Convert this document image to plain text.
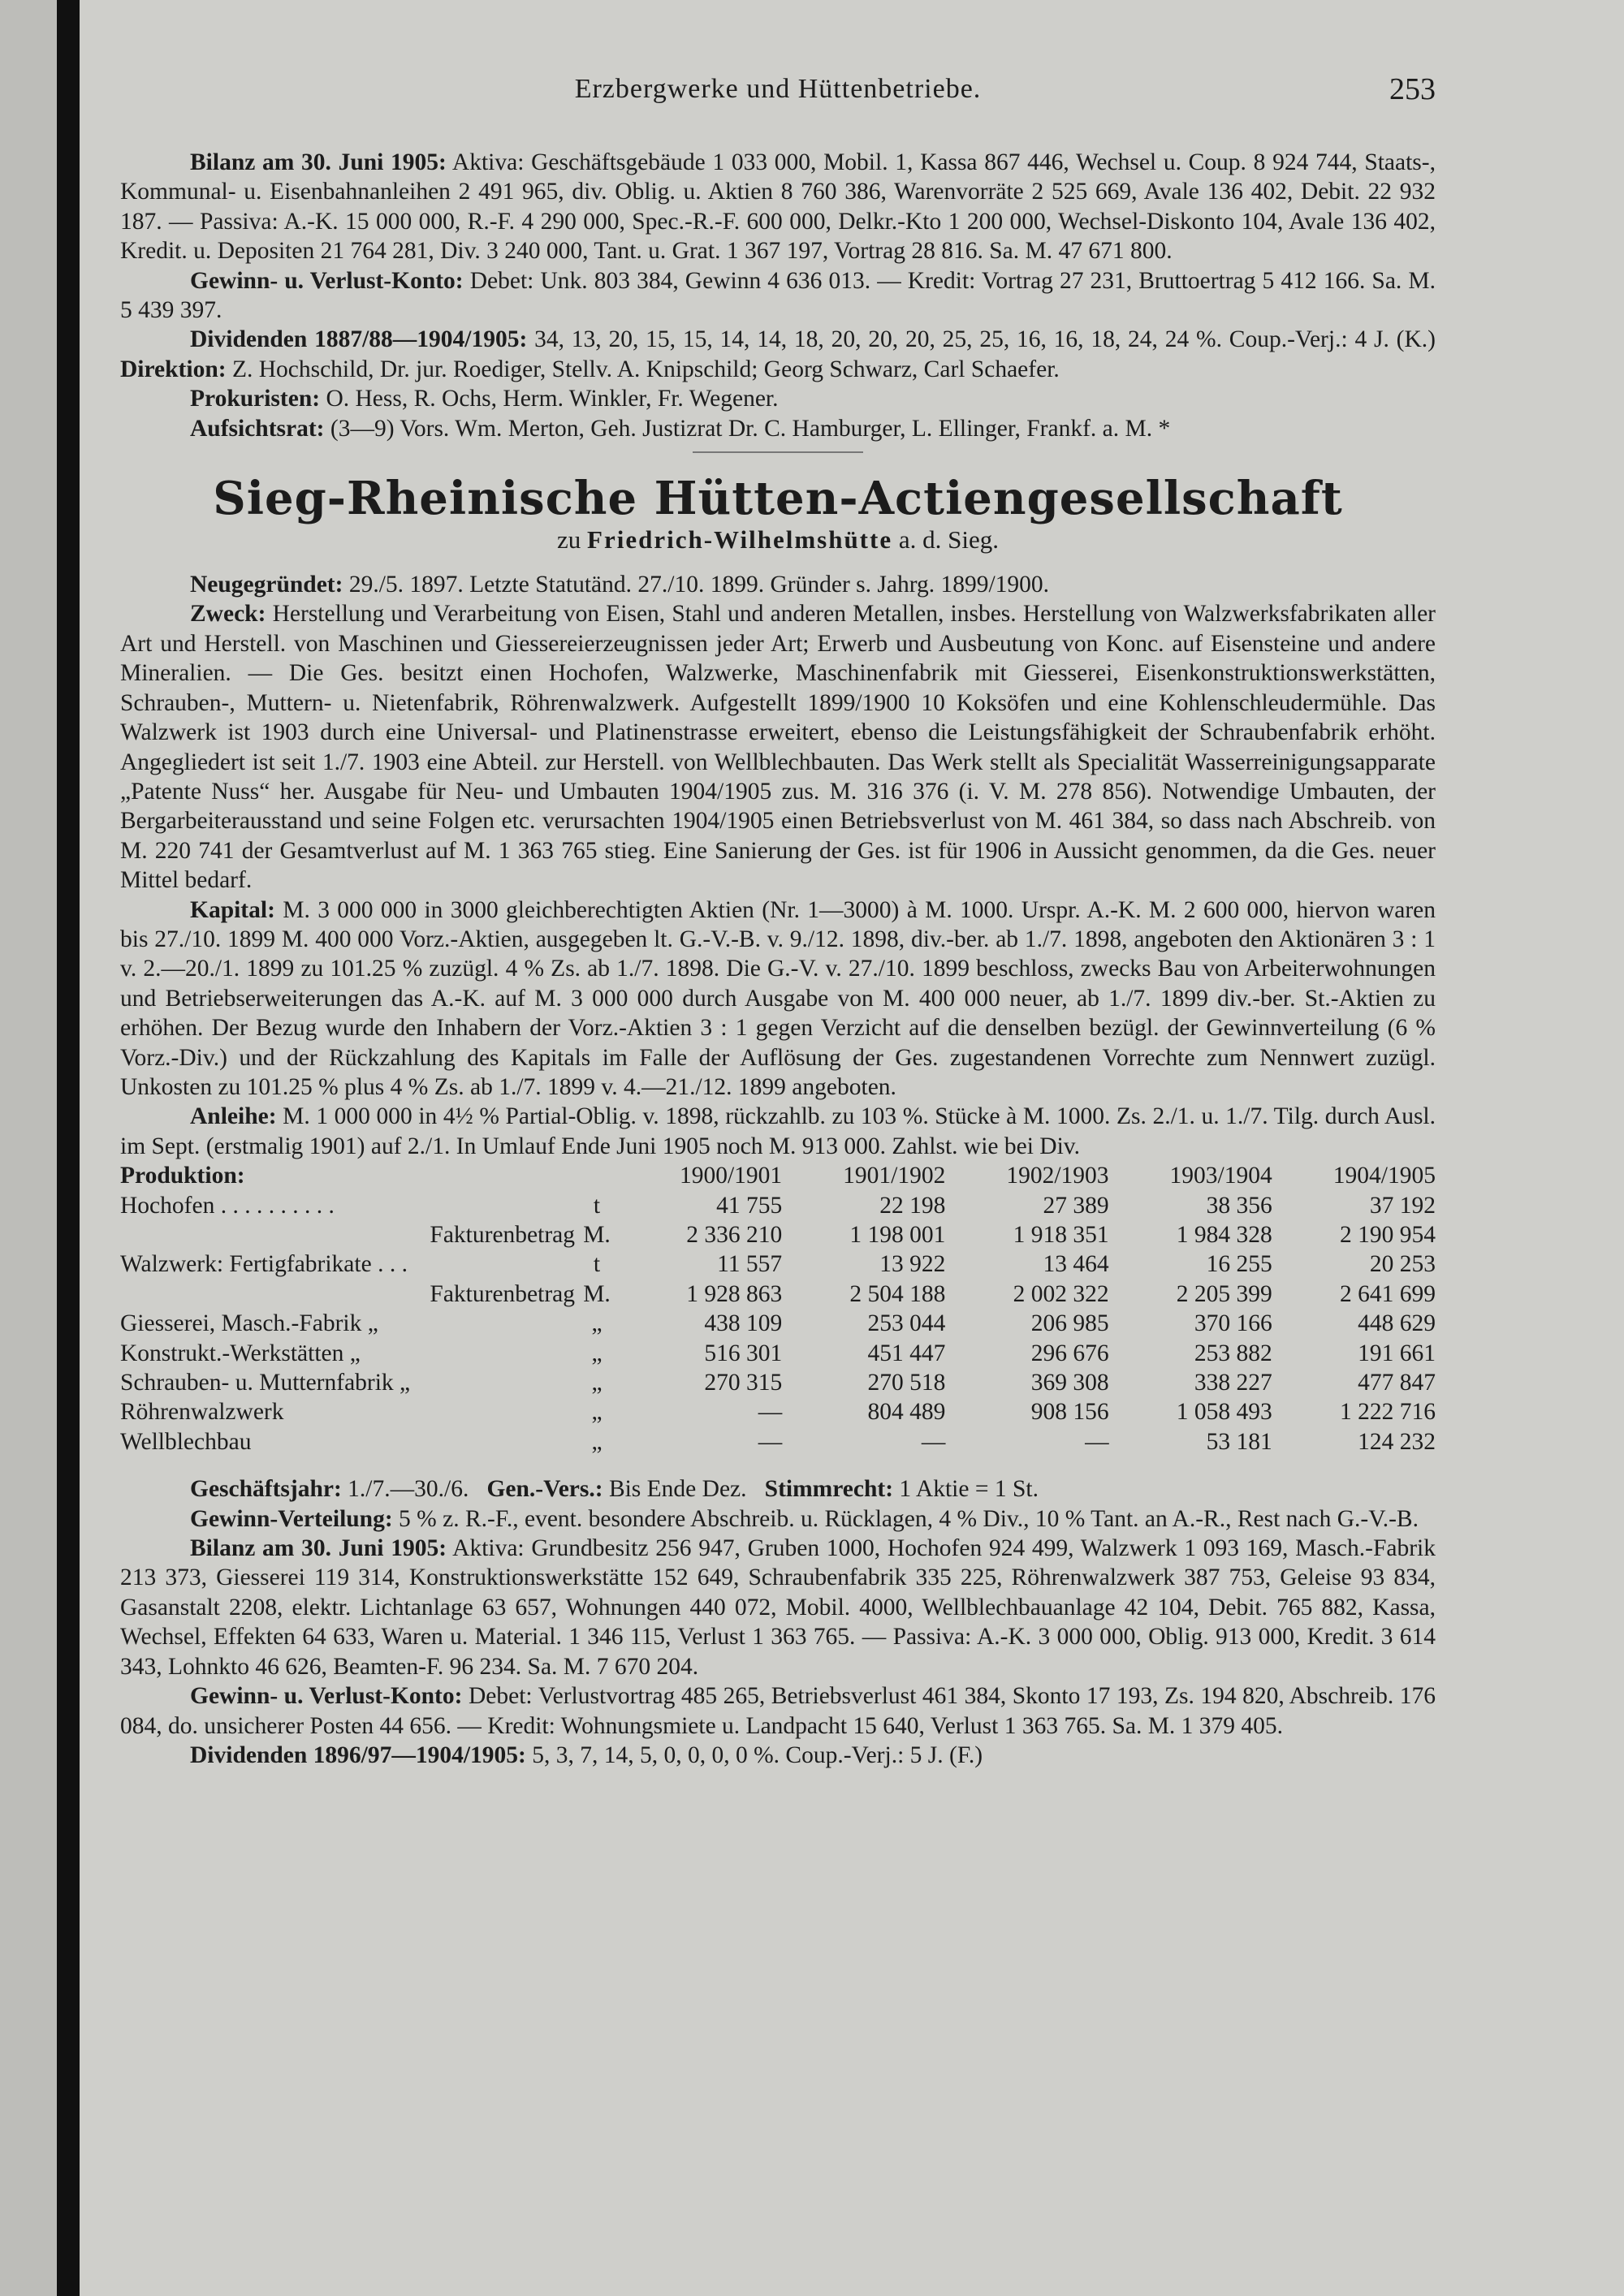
Erzbergwerke und Hüttenbetriebe.	253

Bilanz am 30. Juni 1905: Aktiva: Geschäftsgebäude 1 033 000, Mobil. 1, Kassa 867 446, Wechsel u. Coup. 8 924 744, Staats-, Kommunal- u. Eisenbahnanleihen 2 491 965, div. Oblig. u. Aktien 8 760 386, Warenvorräte 2 525 669, Avale 136 402, Debit. 22 932 187. — Passiva: A.-K. 15 000 000, R.-F. 4 290 000, Spec.-R.-F. 600 000, Delkr.-Kto 1 200 000, Wechsel-Diskonto 104, Avale 136 402, Kredit. u. Depositen 21 764 281, Div. 3 240 000, Tant. u. Grat. 1 367 197, Vortrag 28 816. Sa. M. 47 671 800.

Gewinn- u. Verlust-Konto: Debet: Unk. 803 384, Gewinn 4 636 013. — Kredit: Vortrag 27 231, Bruttoertrag 5 412 166. Sa. M. 5 439 397.

Dividenden 1887/88—1904/1905: 34, 13, 20, 15, 15, 14, 14, 18, 20, 20, 20, 25, 25, 16, 16, 18, 24, 24 %. Coup.-Verj.: 4 J. (K.) Direktion: Z. Hochschild, Dr. jur. Roediger, Stellv. A. Knipschild; Georg Schwarz, Carl Schaefer.

Prokuristen: O. Hess, R. Ochs, Herm. Winkler, Fr. Wegener.

Aufsichtsrat: (3—9) Vors. Wm. Merton, Geh. Justizrat Dr. C. Hamburger, L. Ellinger, Frankf. a. M. *

Sieg-Rheinische Hütten-Actiengesellschaft
zu Friedrich-Wilhelmshütte a. d. Sieg.

Neugegründet: 29./5. 1897. Letzte Statutänd. 27./10. 1899. Gründer s. Jahrg. 1899/1900.

Zweck: Herstellung und Verarbeitung von Eisen, Stahl und anderen Metallen, insbes. Herstellung von Walzwerksfabrikaten aller Art und Herstell. von Maschinen und Giessereierzeugnissen jeder Art; Erwerb und Ausbeutung von Konc. auf Eisensteine und andere Mineralien. — Die Ges. besitzt einen Hochofen, Walzwerke, Maschinenfabrik mit Giesserei, Eisenkonstruktionswerkstätten, Schrauben-, Muttern- u. Nietenfabrik, Röhrenwalzwerk. Aufgestellt 1899/1900 10 Koksöfen und eine Kohlenschleudermühle. Das Walzwerk ist 1903 durch eine Universal- und Platinenstrasse erweitert, ebenso die Leistungsfähigkeit der Schraubenfabrik erhöht. Angegliedert ist seit 1./7. 1903 eine Abteil. zur Herstell. von Wellblechbauten. Das Werk stellt als Specialität Wasserreinigungsapparate „Patente Nuss“ her. Ausgabe für Neu- und Umbauten 1904/1905 zus. M. 316 376 (i. V. M. 278 856). Notwendige Umbauten, der Bergarbeiterausstand und seine Folgen etc. verursachten 1904/1905 einen Betriebsverlust von M. 461 384, so dass nach Abschreib. von M. 220 741 der Gesamtverlust auf M. 1 363 765 stieg. Eine Sanierung der Ges. ist für 1906 in Aussicht genommen, da die Ges. neuer Mittel bedarf.

Kapital: M. 3 000 000 in 3000 gleichberechtigten Aktien (Nr. 1—3000) à M. 1000. Urspr. A.-K. M. 2 600 000, hiervon waren bis 27./10. 1899 M. 400 000 Vorz.-Aktien, ausgegeben lt. G.-V.-B. v. 9./12. 1898, div.-ber. ab 1./7. 1898, angeboten den Aktionären 3 : 1 v. 2.—20./1. 1899 zu 101.25 % zuzügl. 4 % Zs. ab 1./7. 1898. Die G.-V. v. 27./10. 1899 beschloss, zwecks Bau von Arbeiterwohnungen und Betriebserweiterungen das A.-K. auf M. 3 000 000 durch Ausgabe von M. 400 000 neuer, ab 1./7. 1899 div.-ber. St.-Aktien zu erhöhen. Der Bezug wurde den Inhabern der Vorz.-Aktien 3 : 1 gegen Verzicht auf die denselben bezügl. der Gewinnverteilung (6 % Vorz.-Div.) und der Rückzahlung des Kapitals im Falle der Auflösung der Ges. zugestandenen Vorrechte zum Nennwert zuzügl. Unkosten zu 101.25 % plus 4 % Zs. ab 1./7. 1899 v. 4.—21./12. 1899 angeboten.

Anleihe: M. 1 000 000 in 4½ % Partial-Oblig. v. 1898, rückzahlb. zu 103 %. Stücke à M. 1000. Zs. 2./1. u. 1./7. Tilg. durch Ausl. im Sept. (erstmalig 1901) auf 2./1. In Umlauf Ende Juni 1905 noch M. 913 000. Zahlst. wie bei Div.

Produktion:		1900/1901	1901/1902	1902/1903	1903/1904	1904/1905
Hochofen . . . . . . . . . .	t	41 755	22 198	27 389	38 356	37 192
Fakturenbetrag	M.	2 336 210	1 198 001	1 918 351	1 984 328	2 190 954
Walzwerk: Fertigfabrikate . . .	t	11 557	13 922	13 464	16 255	20 253
Fakturenbetrag	M.	1 928 863	2 504 188	2 002 322	2 205 399	2 641 699
Giesserei, Masch.-Fabrik „	„	438 109	253 044	206 985	370 166	448 629
Konstrukt.-Werkstätten „	„	516 301	451 447	296 676	253 882	191 661
Schrauben- u. Mutternfabrik „	„	270 315	270 518	369 308	338 227	477 847
Röhrenwalzwerk	„	—	804 489	908 156	1 058 493	1 222 716
Wellblechbau	„	—	—	—	53 181	124 232

Geschäftsjahr: 1./7.—30./6. Gen.-Vers.: Bis Ende Dez. Stimmrecht: 1 Aktie = 1 St.

Gewinn-Verteilung: 5 % z. R.-F., event. besondere Abschreib. u. Rücklagen, 4 % Div., 10 % Tant. an A.-R., Rest nach G.-V.-B.

Bilanz am 30. Juni 1905: Aktiva: Grundbesitz 256 947, Gruben 1000, Hochofen 924 499, Walzwerk 1 093 169, Masch.-Fabrik 213 373, Giesserei 119 314, Konstruktionswerkstätte 152 649, Schraubenfabrik 335 225, Röhrenwalzwerk 387 753, Geleise 93 834, Gasanstalt 2208, elektr. Lichtanlage 63 657, Wohnungen 440 072, Mobil. 4000, Wellblechbauanlage 42 104, Debit. 765 882, Kassa, Wechsel, Effekten 64 633, Waren u. Material. 1 346 115, Verlust 1 363 765. — Passiva: A.-K. 3 000 000, Oblig. 913 000, Kredit. 3 614 343, Lohnkto 46 626, Beamten-F. 96 234. Sa. M. 7 670 204.

Gewinn- u. Verlust-Konto: Debet: Verlustvortrag 485 265, Betriebsverlust 461 384, Skonto 17 193, Zs. 194 820, Abschreib. 176 084, do. unsicherer Posten 44 656. — Kredit: Wohnungsmiete u. Landpacht 15 640, Verlust 1 363 765. Sa. M. 1 379 405.

Dividenden 1896/97—1904/1905: 5, 3, 7, 14, 5, 0, 0, 0, 0 %. Coup.-Verj.: 5 J. (F.)
